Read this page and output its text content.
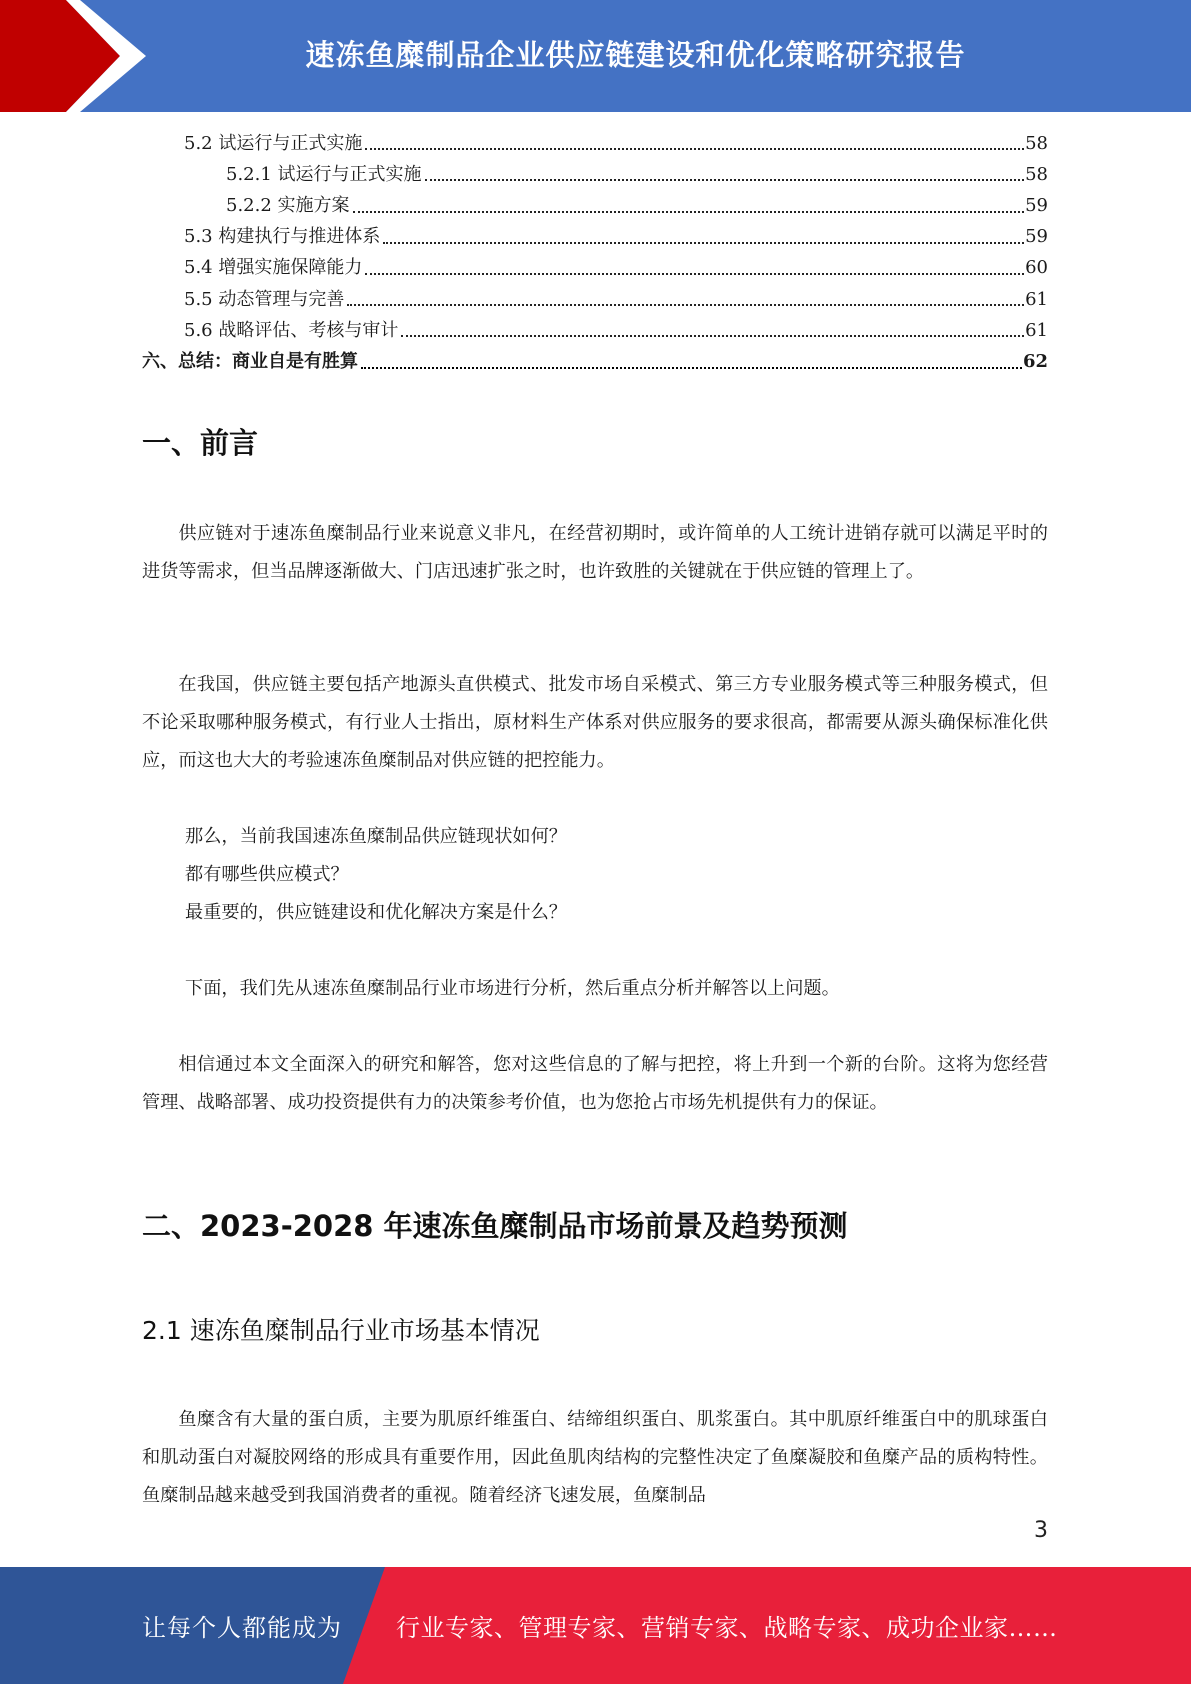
速冻鱼糜制品企业供应链建设和优化策略研究报告
5.2 试运行与正式实施	58
5.2.1 试运行与正式实施	58
5.2.2 实施方案	59
5.3 构建执行与推进体系	59
5.4 增强实施保障能力	60
5.5 动态管理与完善	61
5.6 战略评估、考核与审计	61
六、总结：商业自是有胜算	62
一、前言
供应链对于速冻鱼糜制品行业来说意义非凡，在经营初期时，或许简单的人工统计进销存就可以满足平时的进货等需求，但当品牌逐渐做大、门店迅速扩张之时，也许致胜的关键就在于供应链的管理上了。
在我国，供应链主要包括产地源头直供模式、批发市场自采模式、第三方专业服务模式等三种服务模式，但不论采取哪种服务模式，有行业人士指出，原材料生产体系对供应服务的要求很高，都需要从源头确保标准化供应，而这也大大的考验速冻鱼糜制品对供应链的把控能力。
那么，当前我国速冻鱼糜制品供应链现状如何？
都有哪些供应模式？
最重要的，供应链建设和优化解决方案是什么？
下面，我们先从速冻鱼糜制品行业市场进行分析，然后重点分析并解答以上问题。
相信通过本文全面深入的研究和解答，您对这些信息的了解与把控，将上升到一个新的台阶。这将为您经营管理、战略部署、成功投资提供有力的决策参考价值，也为您抢占市场先机提供有力的保证。
二、2023-2028 年速冻鱼糜制品市场前景及趋势预测
2.1 速冻鱼糜制品行业市场基本情况
鱼糜含有大量的蛋白质，主要为肌原纤维蛋白、结缔组织蛋白、肌浆蛋白。其中肌原纤维蛋白中的肌球蛋白和肌动蛋白对凝胶网络的形成具有重要作用，因此鱼肌肉结构的完整性决定了鱼糜凝胶和鱼糜产品的质构特性。鱼糜制品越来越受到我国消费者的重视。随着经济飞速发展，鱼糜制品
3
让每个人都能成为 行业专家、管理专家、营销专家、战略专家、成功企业家……
